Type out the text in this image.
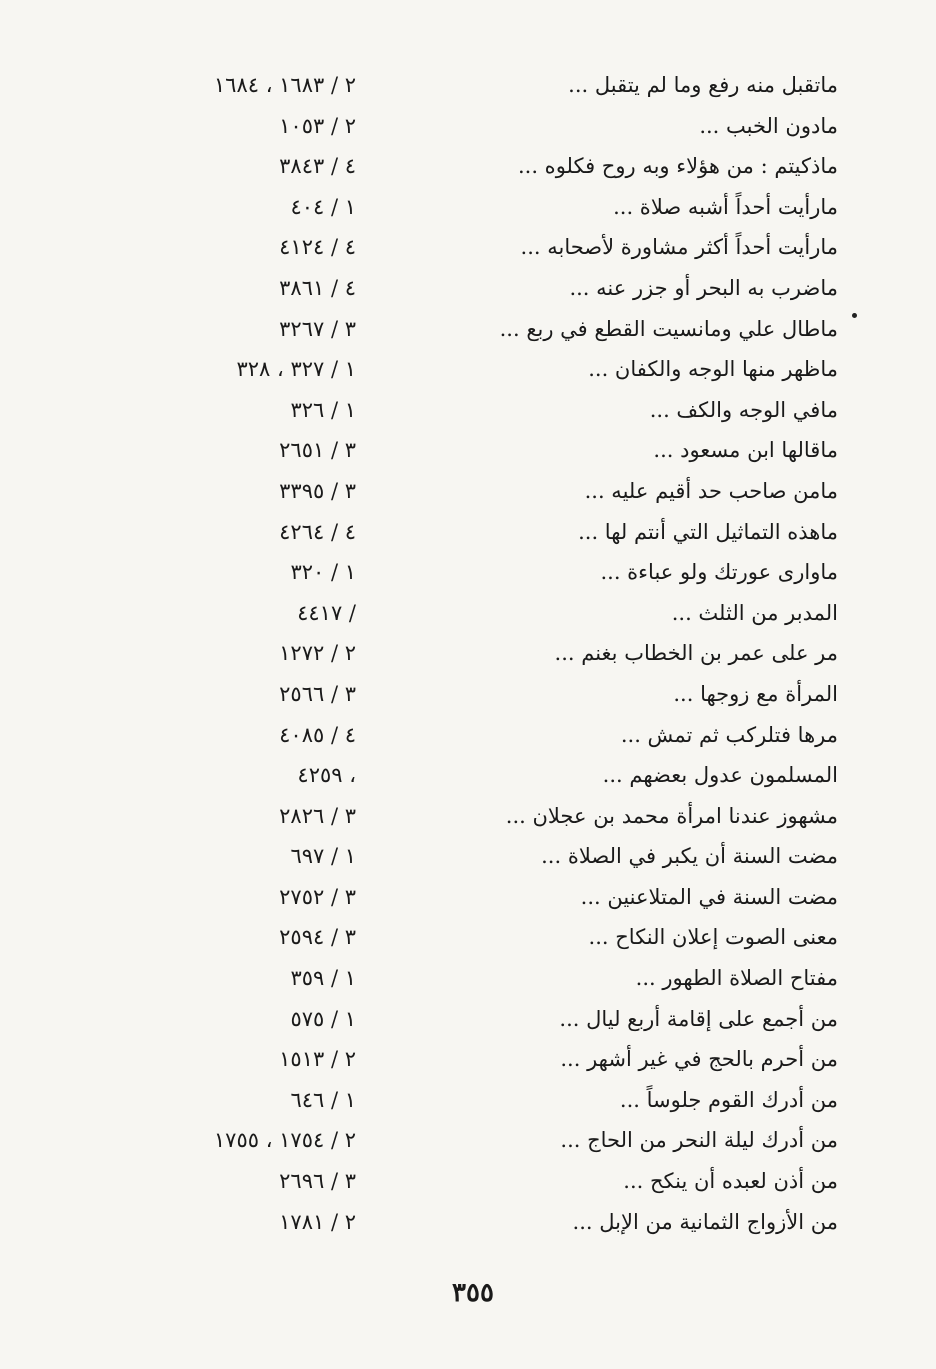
ماتقبل منه رفع وما لم يتقبل ...
٢ / ١٦٨٣ ، ١٦٨٤
مادون الخبب ...
٢ / ١٠٥٣
ماذكيتم : من هؤلاء وبه روح فكلوه ...
٤ / ٣٨٤٣
مارأيت أحداً أشبه صلاة ...
١ / ٤٠٤
مارأيت أحداً أكثر مشاورة لأصحابه ...
٤ / ٤١٢٤
ماضرب به البحر أو جزر عنه ...
٤ / ٣٨٦١
ماطال علي ومانسيت القطع في ربع ...
٣ / ٣٢٦٧
ماظهر منها الوجه والكفان ...
١ / ٣٢٧ ، ٣٢٨
مافي الوجه والكف ...
١ / ٣٢٦
ماقالها ابن مسعود ...
٣ / ٢٦٥١
مامن صاحب حد أقيم عليه ...
٣ / ٣٣٩٥
ماهذه التماثيل التي أنتم لها ...
٤ / ٤٢٦٤
ماوارى عورتك ولو عباءة ...
١ / ٣٢٠
المدبر من الثلث ...
/ ٤٤١٧
مر على عمر بن الخطاب بغنم ...
٢ / ١٢٧٢
المرأة مع زوجها ...
٣ / ٢٥٦٦
مرها فتلركب ثم تمش ...
٤ / ٤٠٨٥
المسلمون عدول بعضهم ...
، ٤٢٥٩
مشهوز عندنا امرأة محمد بن عجلان ...
٣ / ٢٨٢٦
مضت السنة أن يكبر في الصلاة ...
١ / ٦٩٧
مضت السنة في المتلاعنين ...
٣ / ٢٧٥٢
معنى الصوت إعلان النكاح ...
٣ / ٢٥٩٤
مفتاح الصلاة الطهور ...
١ / ٣٥٩
من أجمع على إقامة أربع ليال ...
١ / ٥٧٥
من أحرم بالحج في غير أشهر ...
٢ / ١٥١٣
من أدرك القوم جلوساً ...
١ / ٦٤٦
من أدرك ليلة النحر من الحاج ...
٢ / ١٧٥٤ ، ١٧٥٥
من أذن لعبده أن ينكح ...
٣ / ٢٦٩٦
من الأزواج الثمانية من الإبل ...
٢ / ١٧٨١
٣٥٥
